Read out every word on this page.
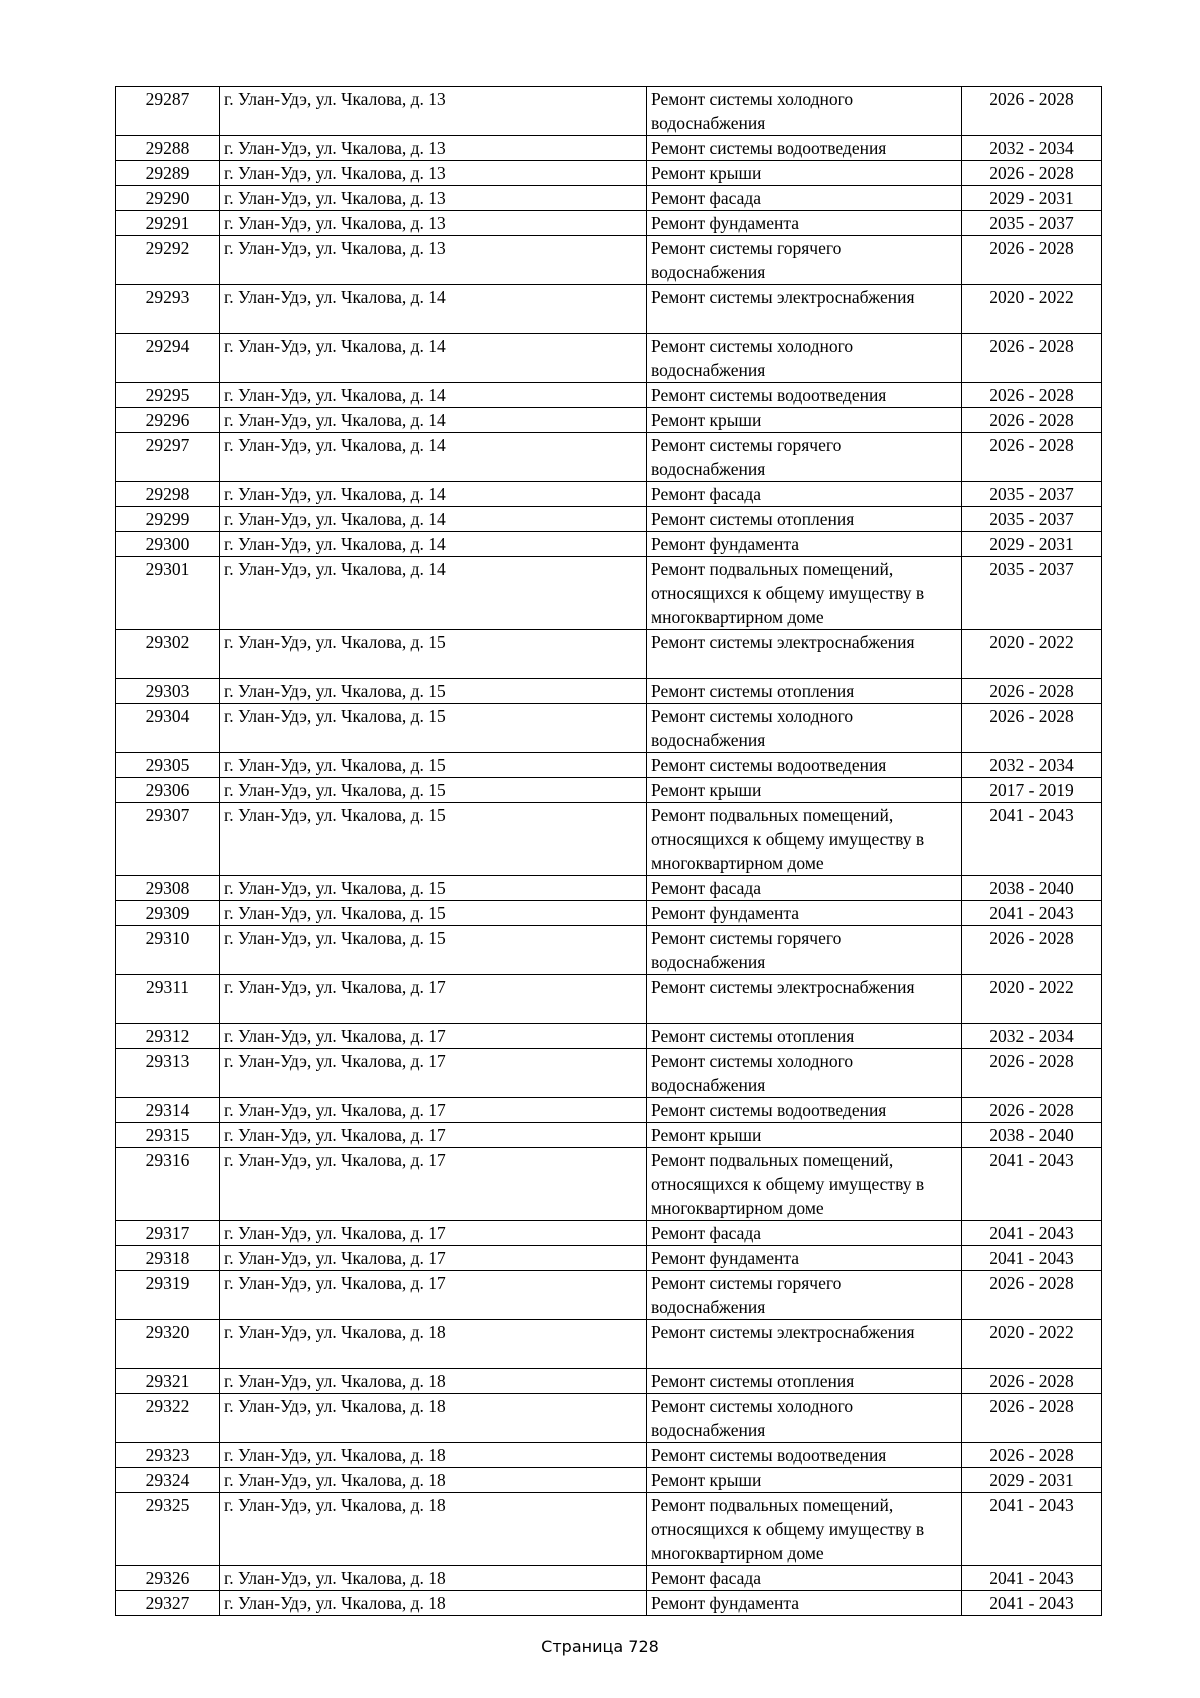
29287	г. Улан-Удэ, ул. Чкалова, д. 13	Ремонт системы холодного водоснабжения	2026 - 2028
29288	г. Улан-Удэ, ул. Чкалова, д. 13	Ремонт системы водоотведения	2032 - 2034
29289	г. Улан-Удэ, ул. Чкалова, д. 13	Ремонт крыши	2026 - 2028
29290	г. Улан-Удэ, ул. Чкалова, д. 13	Ремонт фасада	2029 - 2031
29291	г. Улан-Удэ, ул. Чкалова, д. 13	Ремонт фундамента	2035 - 2037
29292	г. Улан-Удэ, ул. Чкалова, д. 13	Ремонт системы горячего водоснабжения	2026 - 2028
29293	г. Улан-Удэ, ул. Чкалова, д. 14	Ремонт системы электроснабжения	2020 - 2022
29294	г. Улан-Удэ, ул. Чкалова, д. 14	Ремонт системы холодного водоснабжения	2026 - 2028
29295	г. Улан-Удэ, ул. Чкалова, д. 14	Ремонт системы водоотведения	2026 - 2028
29296	г. Улан-Удэ, ул. Чкалова, д. 14	Ремонт крыши	2026 - 2028
29297	г. Улан-Удэ, ул. Чкалова, д. 14	Ремонт системы горячего водоснабжения	2026 - 2028
29298	г. Улан-Удэ, ул. Чкалова, д. 14	Ремонт фасада	2035 - 2037
29299	г. Улан-Удэ, ул. Чкалова, д. 14	Ремонт системы отопления	2035 - 2037
29300	г. Улан-Удэ, ул. Чкалова, д. 14	Ремонт фундамента	2029 - 2031
29301	г. Улан-Удэ, ул. Чкалова, д. 14	Ремонт подвальных помещений, относящихся к общему имуществу в многоквартирном доме	2035 - 2037
29302	г. Улан-Удэ, ул. Чкалова, д. 15	Ремонт системы электроснабжения	2020 - 2022
29303	г. Улан-Удэ, ул. Чкалова, д. 15	Ремонт системы отопления	2026 - 2028
29304	г. Улан-Удэ, ул. Чкалова, д. 15	Ремонт системы холодного водоснабжения	2026 - 2028
29305	г. Улан-Удэ, ул. Чкалова, д. 15	Ремонт системы водоотведения	2032 - 2034
29306	г. Улан-Удэ, ул. Чкалова, д. 15	Ремонт крыши	2017 - 2019
29307	г. Улан-Удэ, ул. Чкалова, д. 15	Ремонт подвальных помещений, относящихся к общему имуществу в многоквартирном доме	2041 - 2043
29308	г. Улан-Удэ, ул. Чкалова, д. 15	Ремонт фасада	2038 - 2040
29309	г. Улан-Удэ, ул. Чкалова, д. 15	Ремонт фундамента	2041 - 2043
29310	г. Улан-Удэ, ул. Чкалова, д. 15	Ремонт системы горячего водоснабжения	2026 - 2028
29311	г. Улан-Удэ, ул. Чкалова, д. 17	Ремонт системы электроснабжения	2020 - 2022
29312	г. Улан-Удэ, ул. Чкалова, д. 17	Ремонт системы отопления	2032 - 2034
29313	г. Улан-Удэ, ул. Чкалова, д. 17	Ремонт системы холодного водоснабжения	2026 - 2028
29314	г. Улан-Удэ, ул. Чкалова, д. 17	Ремонт системы водоотведения	2026 - 2028
29315	г. Улан-Удэ, ул. Чкалова, д. 17	Ремонт крыши	2038 - 2040
29316	г. Улан-Удэ, ул. Чкалова, д. 17	Ремонт подвальных помещений, относящихся к общему имуществу в многоквартирном доме	2041 - 2043
29317	г. Улан-Удэ, ул. Чкалова, д. 17	Ремонт фасада	2041 - 2043
29318	г. Улан-Удэ, ул. Чкалова, д. 17	Ремонт фундамента	2041 - 2043
29319	г. Улан-Удэ, ул. Чкалова, д. 17	Ремонт системы горячего водоснабжения	2026 - 2028
29320	г. Улан-Удэ, ул. Чкалова, д. 18	Ремонт системы электроснабжения	2020 - 2022
29321	г. Улан-Удэ, ул. Чкалова, д. 18	Ремонт системы отопления	2026 - 2028
29322	г. Улан-Удэ, ул. Чкалова, д. 18	Ремонт системы холодного водоснабжения	2026 - 2028
29323	г. Улан-Удэ, ул. Чкалова, д. 18	Ремонт системы водоотведения	2026 - 2028
29324	г. Улан-Удэ, ул. Чкалова, д. 18	Ремонт крыши	2029 - 2031
29325	г. Улан-Удэ, ул. Чкалова, д. 18	Ремонт подвальных помещений, относящихся к общему имуществу в многоквартирном доме	2041 - 2043
29326	г. Улан-Удэ, ул. Чкалова, д. 18	Ремонт фасада	2041 - 2043
29327	г. Улан-Удэ, ул. Чкалова, д. 18	Ремонт фундамента	2041 - 2043
Страница 728
